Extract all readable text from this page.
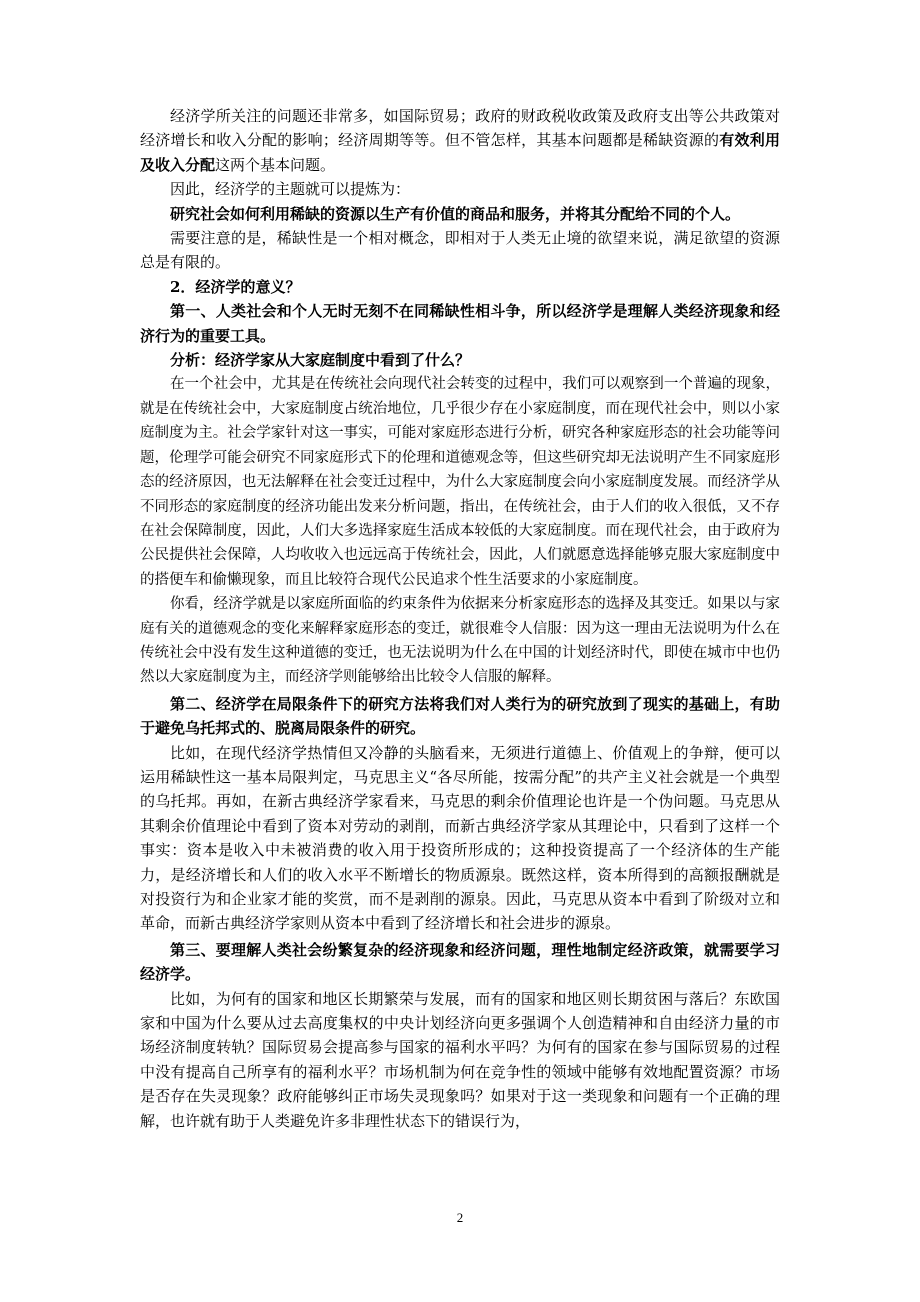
经济学所关注的问题还非常多，如国际贸易；政府的财政税收政策及政府支出等公共政策对经济增长和收入分配的影响；经济周期等等。但不管怎样，其基本问题都是稀缺资源的有效利用及收入分配这两个基本问题。

因此，经济学的主题就可以提炼为：

研究社会如何利用稀缺的资源以生产有价值的商品和服务，并将其分配给不同的个人。

需要注意的是，稀缺性是一个相对概念，即相对于人类无止境的欲望来说，满足欲望的资源总是有限的。

2．经济学的意义？

第一、人类社会和个人无时无刻不在同稀缺性相斗争，所以经济学是理解人类经济现象和经济行为的重要工具。

分析：经济学家从大家庭制度中看到了什么？

在一个社会中，尤其是在传统社会向现代社会转变的过程中，我们可以观察到一个普遍的现象，就是在传统社会中，大家庭制度占统治地位，几乎很少存在小家庭制度，而在现代社会中，则以小家庭制度为主。社会学家针对这一事实，可能对家庭形态进行分析，研究各种家庭形态的社会功能等问题，伦理学可能会研究不同家庭形式下的伦理和道德观念等，但这些研究却无法说明产生不同家庭形态的经济原因，也无法解释在社会变迁过程中，为什么大家庭制度会向小家庭制度发展。而经济学从不同形态的家庭制度的经济功能出发来分析问题，指出，在传统社会，由于人们的收入很低，又不存在社会保障制度，因此，人们大多选择家庭生活成本较低的大家庭制度。而在现代社会，由于政府为公民提供社会保障，人均收收入也远远高于传统社会，因此，人们就愿意选择能够克服大家庭制度中的搭便车和偷懒现象，而且比较符合现代公民追求个性生活要求的小家庭制度。

你看，经济学就是以家庭所面临的约束条件为依据来分析家庭形态的选择及其变迁。如果以与家庭有关的道德观念的变化来解释家庭形态的变迁，就很难令人信服：因为这一理由无法说明为什么在传统社会中没有发生这种道德的变迁，也无法说明为什么在中国的计划经济时代，即使在城市中也仍然以大家庭制度为主，而经济学则能够给出比较令人信服的解释。

第二、经济学在局限条件下的研究方法将我们对人类行为的研究放到了现实的基础上，有助于避免乌托邦式的、脱离局限条件的研究。

比如，在现代经济学热情但又冷静的头脑看来，无须进行道德上、价值观上的争辩，便可以运用稀缺性这一基本局限判定，马克思主义“各尽所能，按需分配”的共产主义社会就是一个典型的乌托邦。再如，在新古典经济学家看来，马克思的剩余价值理论也许是一个伪问题。马克思从其剩余价值理论中看到了资本对劳动的剥削，而新古典经济学家从其理论中，只看到了这样一个事实：资本是收入中未被消费的收入用于投资所形成的；这种投资提高了一个经济体的生产能力，是经济增长和人们的收入水平不断增长的物质源泉。既然这样，资本所得到的高额报酬就是对投资行为和企业家才能的奖赏，而不是剥削的源泉。因此，马克思从资本中看到了阶级对立和革命，而新古典经济学家则从资本中看到了经济增长和社会进步的源泉。

第三、要理解人类社会纷繁复杂的经济现象和经济问题，理性地制定经济政策，就需要学习经济学。

比如，为何有的国家和地区长期繁荣与发展，而有的国家和地区则长期贫困与落后？东欧国家和中国为什么要从过去高度集权的中央计划经济向更多强调个人创造精神和自由经济力量的市场经济制度转轨？国际贸易会提高参与国家的福利水平吗？为何有的国家在参与国际贸易的过程中没有提高自己所享有的福利水平？市场机制为何在竞争性的领域中能够有效地配置资源？市场是否存在失灵现象？政府能够纠正市场失灵现象吗？如果对于这一类现象和问题有一个正确的理解，也许就有助于人类避免许多非理性状态下的错误行为，

2
